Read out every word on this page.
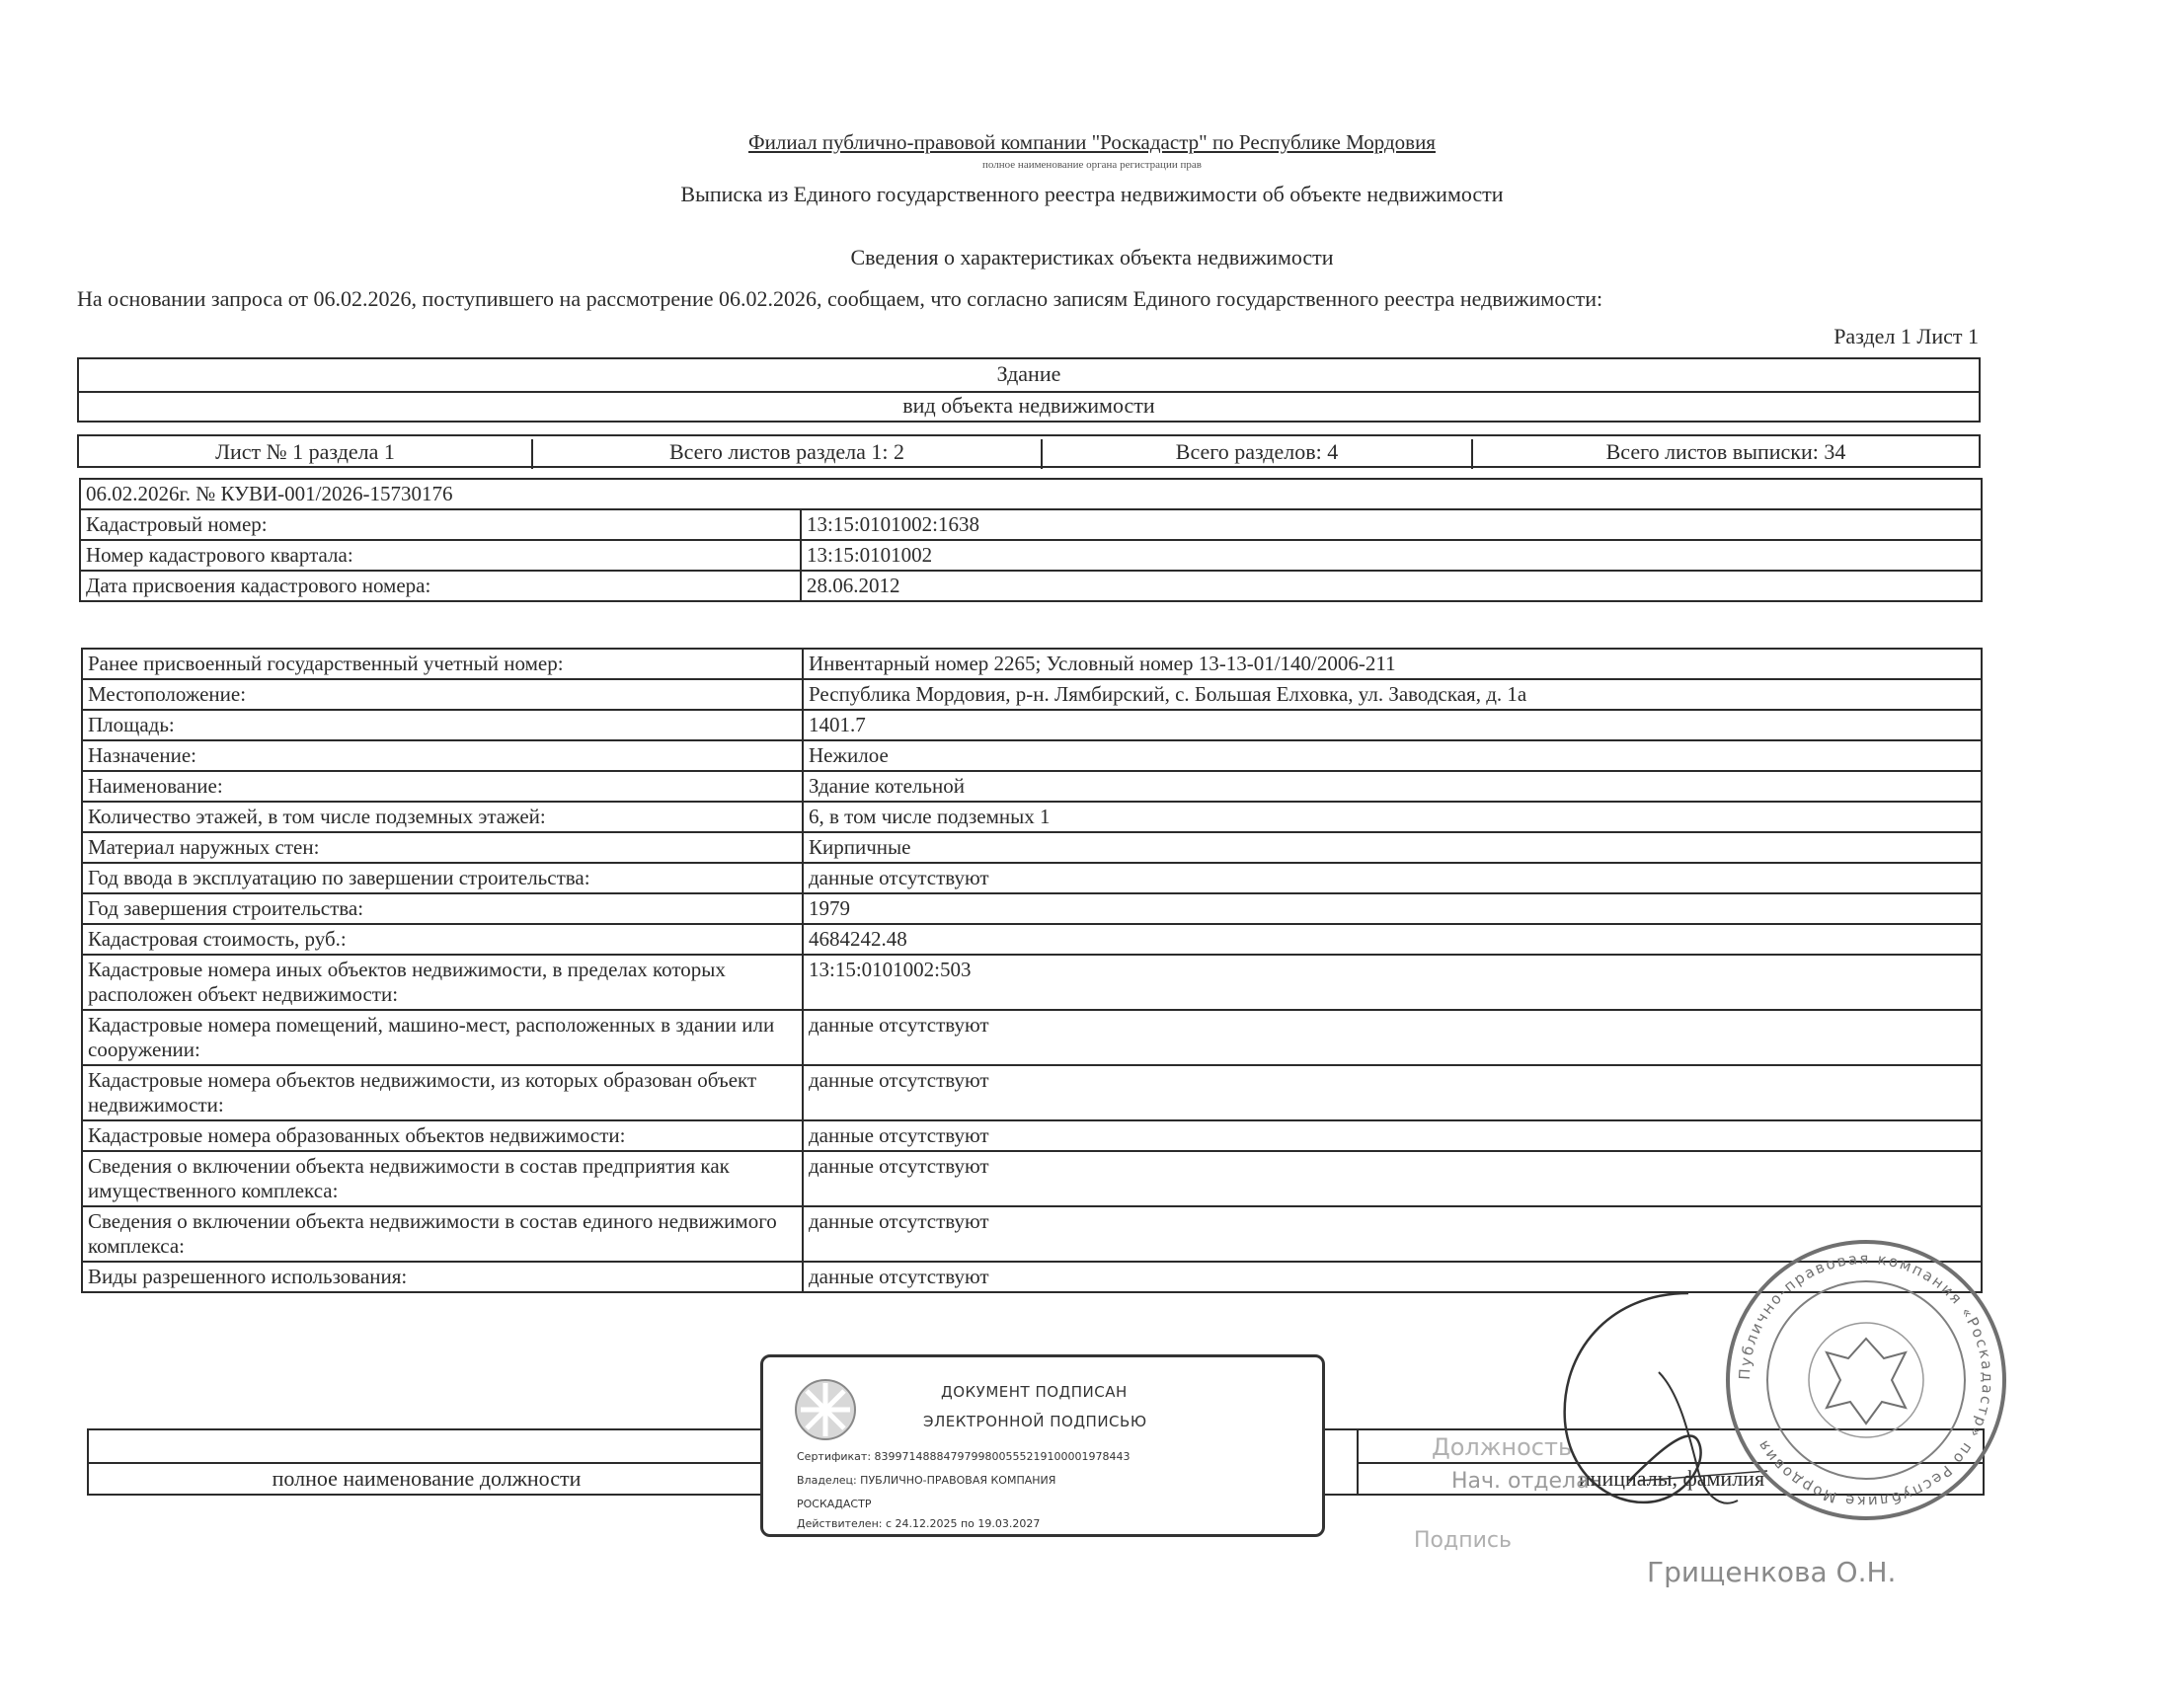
Филиал публично-правовой компании "Роскадастр" по Республике Мордовия
полное наименование органа регистрации прав
Выписка из Единого государственного реестра недвижимости об объекте недвижимости
Сведения о характеристиках объекта недвижимости
На основании запроса от 06.02.2026, поступившего на рассмотрение 06.02.2026, сообщаем, что согласно записям Единого государственного реестра недвижимости:
Раздел 1 Лист 1
Здание
вид объекта недвижимости
Лист № 1 раздела 1	Всего листов раздела 1: 2	Всего разделов: 4	Всего листов выписки: 34
06.02.2026г. № КУВИ-001/2026-15730176	
Кадастровый номер:	13:15:0101002:1638
Номер кадастрового квартала:	13:15:0101002
Дата присвоения кадастрового номера:	28.06.2012
Ранее присвоенный государственный учетный номер:	Инвентарный номер 2265; Условный номер 13-13-01/140/2006-211
Местоположение:	Республика Мордовия, р-н. Лямбирский, с. Большая Елховка, ул. Заводская, д. 1а
Площадь:	1401.7
Назначение:	Нежилое
Наименование:	Здание котельной
Количество этажей, в том числе подземных этажей:	6, в том числе подземных 1
Материал наружных стен:	Кирпичные
Год ввода в эксплуатацию по завершении строительства:	данные отсутствуют
Год завершения строительства:	1979
Кадастровая стоимость, руб.:	4684242.48
Кадастровые номера иных объектов недвижимости, в пределах которых расположен объект недвижимости:	13:15:0101002:503
Кадастровые номера помещений, машино-мест, расположенных в здании или сооружении:	данные отсутствуют
Кадастровые номера объектов недвижимости, из которых образован объект недвижимости:	данные отсутствуют
Кадастровые номера образованных объектов недвижимости:	данные отсутствуют
Сведения о включении объекта недвижимости в состав предприятия как имущественного комплекса:	данные отсутствуют
Сведения о включении объекта недвижимости в состав единого недвижимого комплекса:	данные отсутствуют
Виды разрешенного использования:	данные отсутствуют
полное наименование должности	инициалы, фамилия
Должность
Нач. отдела
Подпись
Грищенкова О.Н.
Публично-правовая компания «Роскадастр» по Республике Мордовия
ДОКУМЕНТ ПОДПИСАН
ЭЛЕКТРОННОЙ ПОДПИСЬЮ
Сертификат: 8399714888479799800555219100001978443
Владелец: ПУБЛИЧНО-ПРАВОВАЯ КОМПАНИЯ
РОСКАДАСТР
Действителен: с 24.12.2025 по 19.03.2027
